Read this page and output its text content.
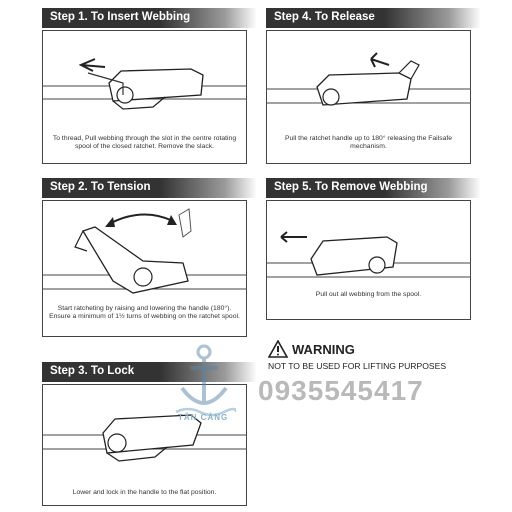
Step 1. To Insert Webbing
To thread, Pull webbing through the slot in the centre rotating spool of the closed ratchet. Remove the slack.
Step 2. To Tension
Start ratcheting by raising and lowering the handle (180°). Ensure a minimum of 1½ turns of webbing on the ratchet spool.
Step 3. To Lock
Lower and lock in the handle to the flat position.
Step 4. To Release
Pull the ratchet handle up to 180° releasing the Failsafe mechanism.
Step 5. To Remove Webbing
Pull out all webbing from the spool.
WARNING
NOT TO BE USED FOR LIFTING PURPOSES
TÂN CẢNG
0935545417
